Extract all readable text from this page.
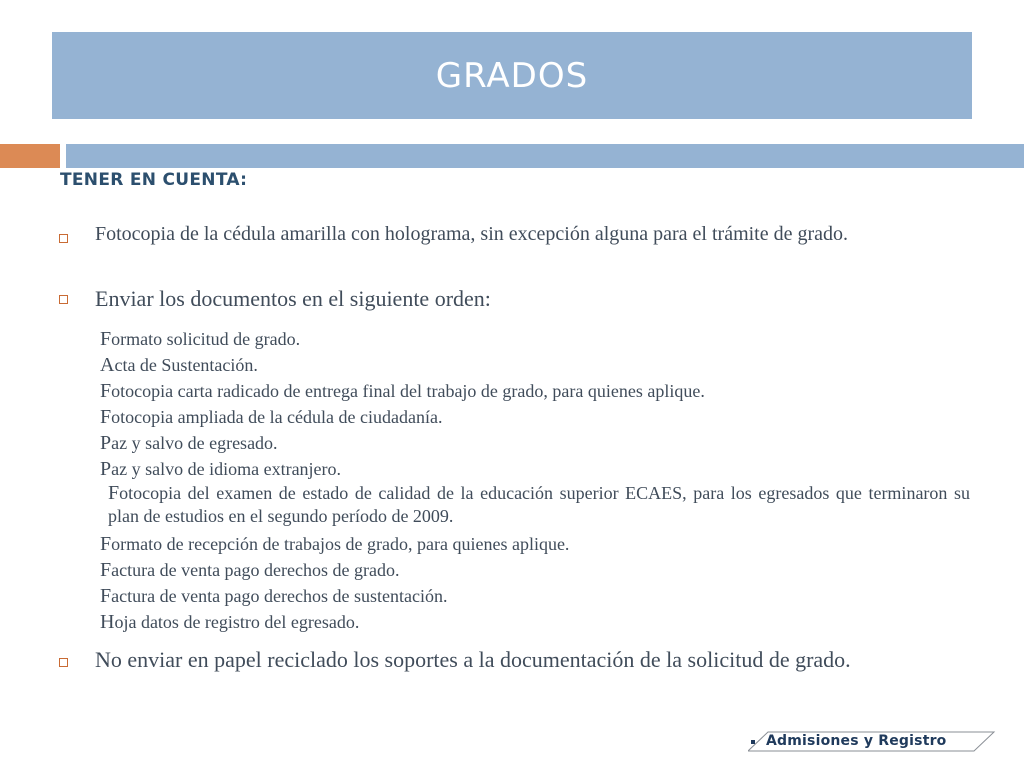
GRADOS
TENER EN CUENTA:
Fotocopia de la cédula amarilla con holograma, sin excepción alguna para el trámite de grado.
Enviar los documentos en el siguiente orden:
Formato solicitud de grado.
Acta de Sustentación.
Fotocopia carta radicado de entrega final del trabajo de grado, para quienes aplique.
Fotocopia ampliada de la cédula de ciudadanía.
Paz y salvo de egresado.
Paz y salvo de idioma extranjero.
Fotocopia del examen de estado de calidad de la educación superior ECAES, para los egresados que terminaron su plan de estudios en el segundo período de 2009.
Formato de recepción de trabajos de grado, para quienes aplique.
Factura de venta pago derechos de grado.
Factura de venta pago derechos de sustentación.
Hoja datos de registro del egresado.
No enviar en papel reciclado los soportes a la documentación de la solicitud de grado.
Admisiones y Registro
